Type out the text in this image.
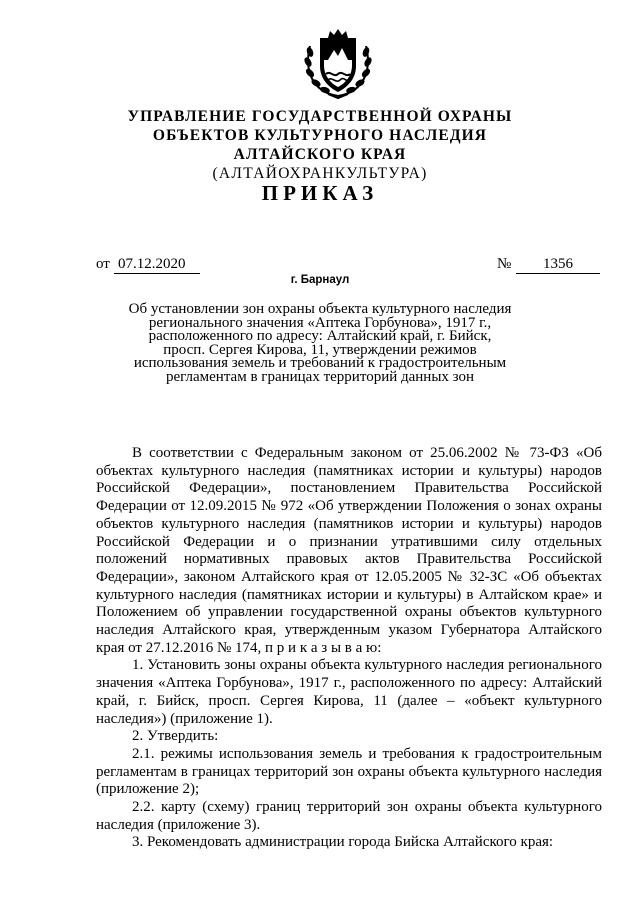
УПРАВЛЕНИЕ ГОСУДАРСТВЕННОЙ ОХРАНЫ
ОБЪЕКТОВ КУЛЬТУРНОГО НАСЛЕДИЯ
АЛТАЙСКОГО КРАЯ
(АЛТАЙОХРАНКУЛЬТУРА)
ПРИКАЗ
от 07.12.2020	№	1356
г. Барнаул
Об установлении зон охраны объекта культурного наследия
регионального значения «Аптека Горбунова», 1917 г.,
расположенного по адресу: Алтайский край, г. Бийск,
просп. Сергея Кирова, 11, утверждении режимов
использования земель и требований к градостроительным
регламентам в границах территорий данных зон

В соответствии с Федеральным законом от 25.06.2002 № 73-ФЗ «Об объектах культурного наследия (памятниках истории и культуры) народов Российской Федерации», постановлением Правительства Российской Федерации от 12.09.2015 № 972 «Об утверждении Положения о зонах охраны объектов культурного наследия (памятников истории и культуры) народов Российской Федерации и о признании утратившими силу отдельных положений нормативных правовых актов Правительства Российской Федерации», законом Алтайского края от 12.05.2005 № 32-ЗС «Об объектах культурного наследия (памятниках истории и культуры) в Алтайском крае» и Положением об управлении государственной охраны объектов культурного наследия Алтайского края, утвержденным указом Губернатора Алтайского края от 27.12.2016 № 174, п р и к а з ы в а ю:

1. Установить зоны охраны объекта культурного наследия регионального значения «Аптека Горбунова», 1917 г., расположенного по адресу: Алтайский край, г. Бийск, просп. Сергея Кирова, 11 (далее – «объект культурного наследия») (приложение 1).

2. Утвердить:

2.1. режимы использования земель и требования к градостроительным регламентам в границах территорий зон охраны объекта культурного наследия (приложение 2);

2.2. карту (схему) границ территорий зон охраны объекта культурного наследия (приложение 3).

3. Рекомендовать администрации города Бийска Алтайского края:
